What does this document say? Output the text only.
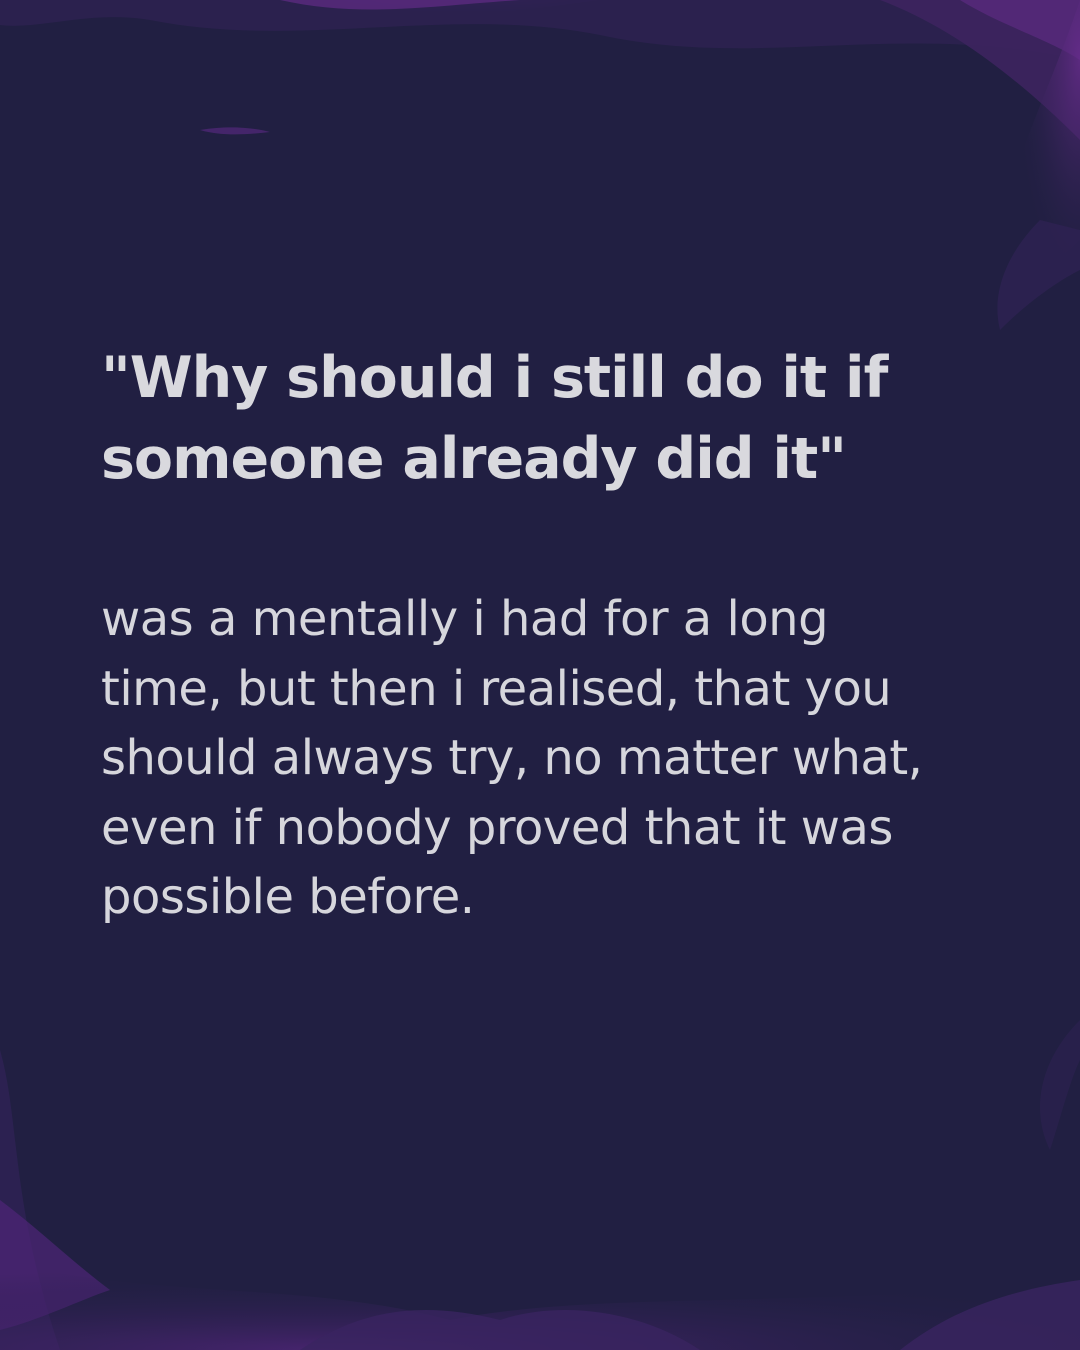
"Why should i still do it if someone already did it"

was a mentally i had for a long time, but then i realised, that you should always try, no matter what, even if nobody proved that it was possible before.
